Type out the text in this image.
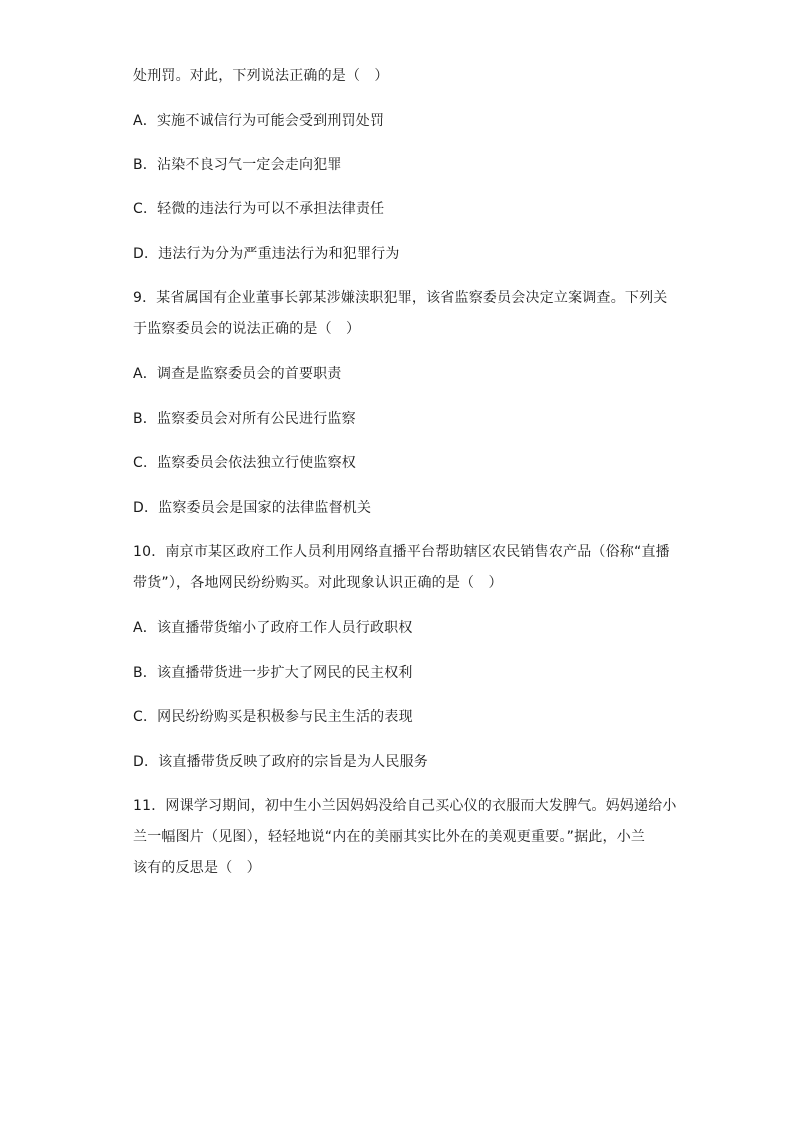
处刑罚。对此，下列说法正确的是（　）
A．实施不诚信行为可能会受到刑罚处罚
B．沾染不良习气一定会走向犯罪
C．轻微的违法行为可以不承担法律责任
D．违法行为分为严重违法行为和犯罪行为
9．某省属国有企业董事长郭某涉嫌渎职犯罪，该省监察委员会决定立案调查。下列关
于监察委员会的说法正确的是（　）
A．调查是监察委员会的首要职责
B．监察委员会对所有公民进行监察
C．监察委员会依法独立行使监察权
D．监察委员会是国家的法律监督机关
10．南京市某区政府工作人员利用网络直播平台帮助辖区农民销售农产品（俗称“直播
带货”），各地网民纷纷购买。对此现象认识正确的是（　）
A．该直播带货缩小了政府工作人员行政职权
B．该直播带货进一步扩大了网民的民主权利
C．网民纷纷购买是积极参与民主生活的表现
D．该直播带货反映了政府的宗旨是为人民服务
11．网课学习期间，初中生小兰因妈妈没给自己买心仪的衣服而大发脾气。妈妈递给小
兰一幅图片（见图），轻轻地说“内在的美丽其实比外在的美观更重要。”据此，小兰
该有的反思是（　）
